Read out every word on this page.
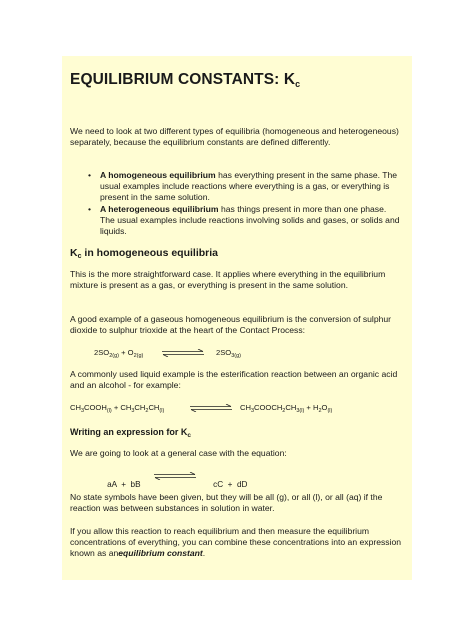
EQUILIBRIUM CONSTANTS: $K_c$

We need to look at two different types of equilibria (homogeneous and heterogeneous) separately, because the equilibrium constants are defined differently.

• A homogeneous equilibrium has everything present in the same phase. The usual examples include reactions where everything is a gas, or everything is present in the same solution.
• A heterogeneous equilibrium has things present in more than one phase. The usual examples include reactions involving solids and gases, or solids and liquids.
$K_c$ in homogeneous equilibria

This is the more straightforward case. It applies where everything in the equilibrium mixture is present as a gas, or everything is present in the same solution.

A good example of a gaseous homogeneous equilibrium is the conversion of sulphur dioxide to sulphur trioxide at the heart of the Contact Process:

$2SO_{2(g)} + O_{2(g)}$ ⇌ $2SO_{3(g)}$

A commonly used liquid example is the esterification reaction between an organic acid and an alcohol - for example:

$CH_3COOH_{(l)} + CH_3CH_2CH_{(l)}$ ⇌ $CH_3COOCH_2CH_{3(l)} + H_2O_{(l)}$
Writing an expression for $K_c$

We are going to look at a general case with the equation:

aA  +  bB
	cC  +  dD

No state symbols have been given, but they will be all (g), or all (l), or all (aq) if the reaction was between substances in solution in water.

If you allow this reaction to reach equilibrium and then measure the equilibrium concentrations of everything, you can combine these concentrations into an expression known as anequilibrium constant.
